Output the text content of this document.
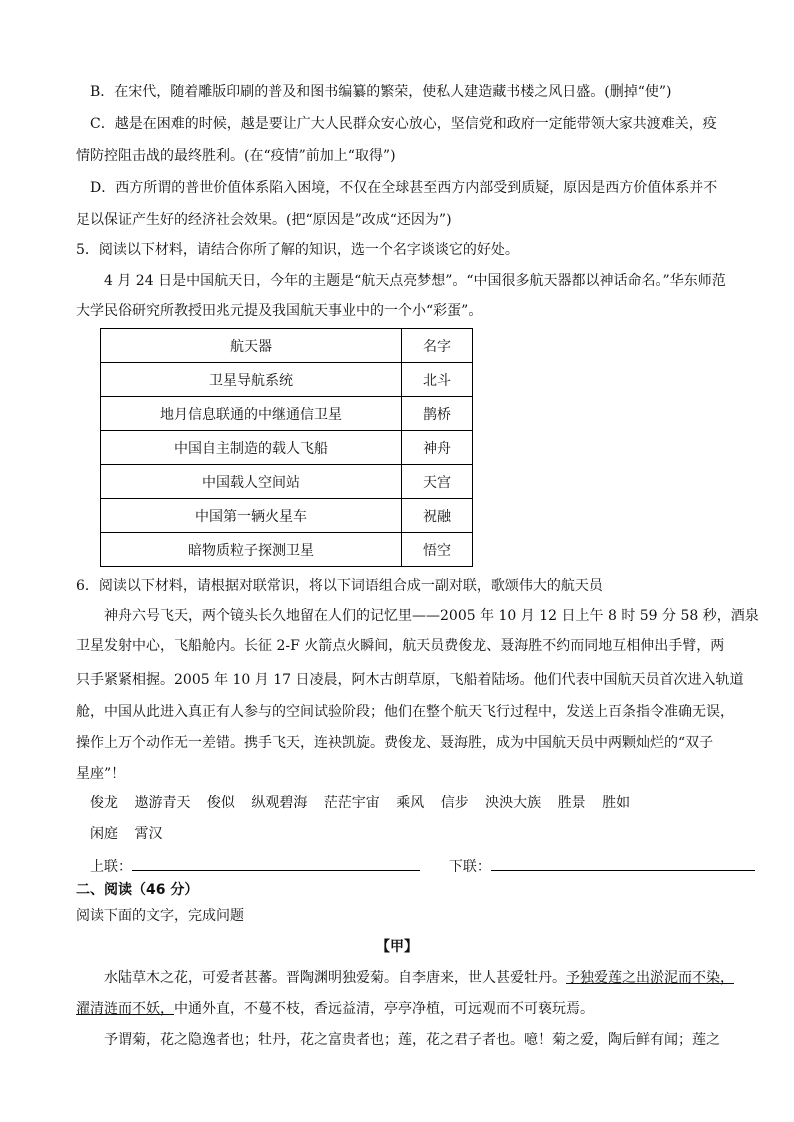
B．在宋代，随着雕版印刷的普及和图书编纂的繁荣，使私人建造藏书楼之风日盛。(删掉“使”)
C．越是在困难的时候，越是要让广大人民群众安心放心，坚信党和政府一定能带领大家共渡难关，疫
情防控阻击战的最终胜利。(在“疫情”前加上“取得”)
D．西方所谓的普世价值体系陷入困境，不仅在全球甚至西方内部受到质疑，原因是西方价值体系并不
足以保证产生好的经济社会效果。(把“原因是”改成“还因为”)
5．阅读以下材料，请结合你所了解的知识，选一个名字谈谈它的好处。
4 月 24 日是中国航天日，今年的主题是“航天点亮梦想”。“中国很多航天器都以神话命名。”华东师范
大学民俗研究所教授田兆元提及我国航天事业中的一个小“彩蛋”。
航天器	名字
卫星导航系统	北斗
地月信息联通的中继通信卫星	鹊桥
中国自主制造的载人飞船	神舟
中国载人空间站	天宫
中国第一辆火星车	祝融
暗物质粒子探测卫星	悟空
6．阅读以下材料，请根据对联常识，将以下词语组合成一副对联，歌颂伟大的航天员
神舟六号飞天，两个镜头长久地留在人们的记忆里——2005 年 10 月 12 日上午 8 时 59 分 58 秒，酒泉
卫星发射中心，飞船舱内。长征 2-F 火箭点火瞬间，航天员费俊龙、聂海胜不约而同地互相伸出手臂，两
只手紧紧相握。2005 年 10 月 17 日凌晨，阿木古朗草原，飞船着陆场。他们代表中国航天员首次进入轨道
舱，中国从此进入真正有人参与的空间试验阶段；他们在整个航天飞行过程中，发送上百条指令准确无误，
操作上万个动作无一差错。携手飞天，连袂凯旋。费俊龙、聂海胜，成为中国航天员中两颗灿烂的“双子
星座”！
俊龙 遨游青天 俊似 纵观碧海 茫茫宇宙 乘风 信步 泱泱大族 胜景 胜如
闲庭 霄汉
上联：	下联：
二、阅读（46 分）
阅读下面的文字，完成问题
【甲】
水陆草木之花，可爱者甚蕃。晋陶渊明独爱菊。自李唐来，世人甚爱牡丹。予独爱莲之出淤泥而不染，
濯清涟而不妖，中通外直，不蔓不枝，香远益清，亭亭净植，可远观而不可亵玩焉。
予谓菊，花之隐逸者也；牡丹，花之富贵者也；莲，花之君子者也。噫！菊之爱，陶后鲜有闻；莲之
